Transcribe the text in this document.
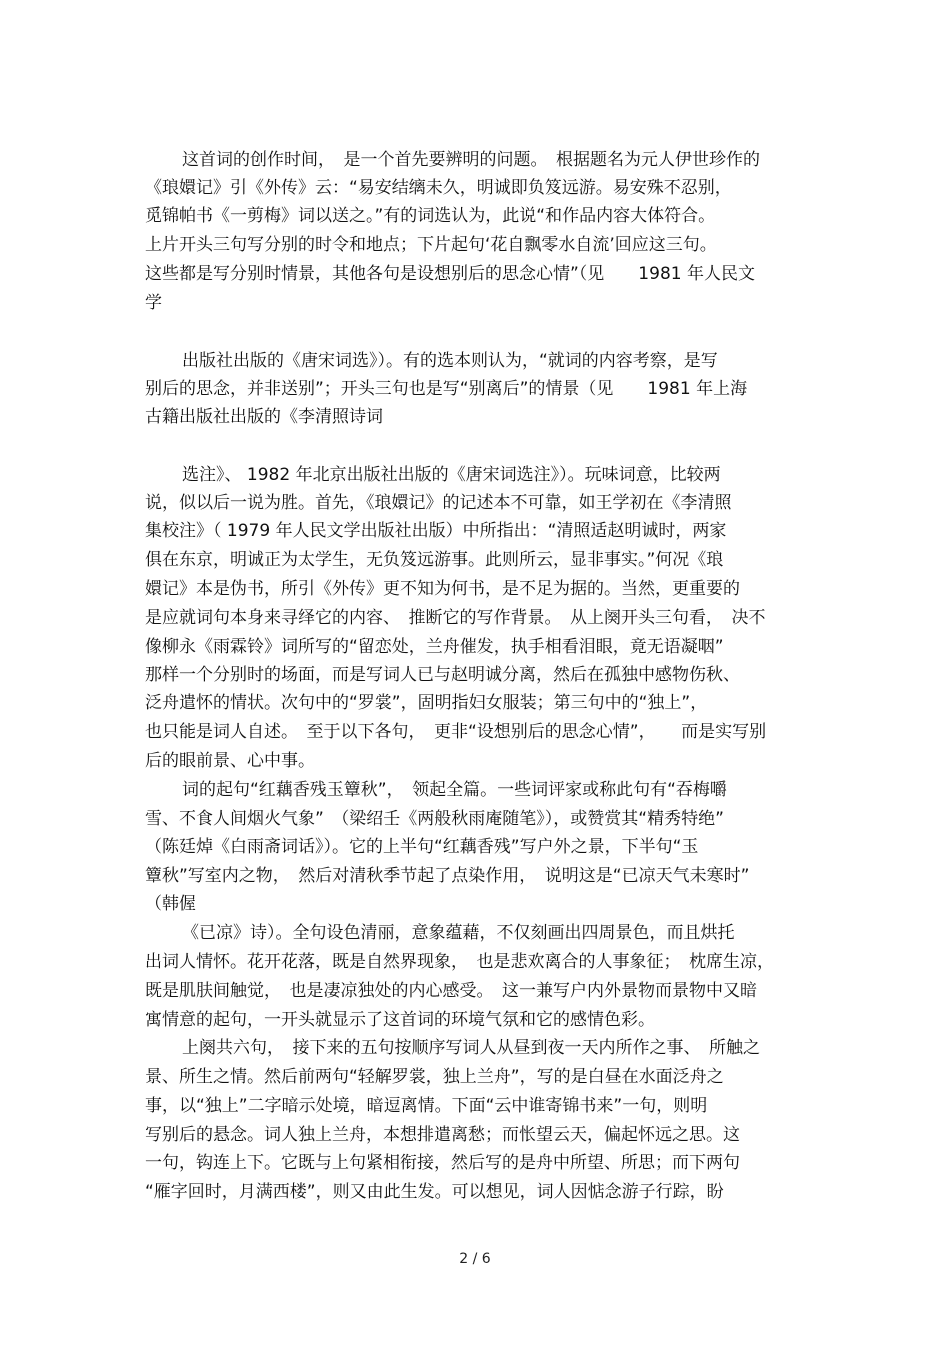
这首词的创作时间，　是一个首先要辨明的问题。　根据题名为元人伊世珍作的
《琅嬛记》引《外传》云：“易安结缡未久，明诚即负笈远游。易安殊不忍别，
觅锦帕书《一剪梅》词以送之。”有的词选认为，此说“和作品内容大体符合。
上片开头三句写分别的时令和地点；下片起句‘花自飘零水自流’回应这三句。
这些都是写分别时情景，其他各句是设想别后的思念心情”（见　　1981 年人民文
学
出版社出版的《唐宋词选》）。有的选本则认为，“就词的内容考察，是写
别后的思念，并非送别”；开头三句也是写“别离后”的情景（见　　1981 年上海
古籍出版社出版的《李清照诗词
选注》、 1982 年北京出版社出版的《唐宋词选注》）。玩味词意，比较两
说，似以后一说为胜。首先，《琅嬛记》的记述本不可靠，如王学初在《李清照
集校注》（ 1979 年人民文学出版社出版）中所指出：“清照适赵明诚时，两家
俱在东京，明诚正为太学生，无负笈远游事。此则所云，显非事实。”何况《琅
嬛记》本是伪书，所引《外传》更不知为何书，是不足为据的。当然，更重要的
是应就词句本身来寻绎它的内容、　推断它的写作背景。　从上阕开头三句看，　决不
像柳永《雨霖铃》词所写的“留恋处，兰舟催发，执手相看泪眼，竟无语凝咽”
那样一个分别时的场面，而是写词人已与赵明诚分离，然后在孤独中感物伤秋、
泛舟遣怀的情状。次句中的“罗裳”，固明指妇女服装；第三句中的“独上”，
也只能是词人自述。　至于以下各句，　更非“设想别后的思念心情”，　　而是实写别
后的眼前景、心中事。
词的起句“红藕香残玉簟秋”，　领起全篇。一些词评家或称此句有“吞梅嚼
雪、不食人间烟火气象”　（梁绍壬《两般秋雨庵随笔》），或赞赏其“精秀特绝”
（陈廷焯《白雨斋词话》）。它的上半句“红藕香残”写户外之景，下半句“玉
簟秋”写室内之物，　然后对清秋季节起了点染作用，　说明这是“已凉天气未寒时”
（韩偓
《已凉》诗）。全句设色清丽，意象蕴藉，不仅刻画出四周景色，而且烘托
出词人情怀。花开花落，既是自然界现象，　也是悲欢离合的人事象征；　枕席生凉，
既是肌肤间触觉，　也是凄凉独处的内心感受。　这一兼写户内外景物而景物中又暗
寓情意的起句，一开头就显示了这首词的环境气氛和它的感情色彩。
上阕共六句，　接下来的五句按顺序写词人从昼到夜一天内所作之事、　所触之
景、所生之情。然后前两句“轻解罗裳，独上兰舟”，写的是白昼在水面泛舟之
事，以“独上”二字暗示处境，暗逗离情。下面“云中谁寄锦书来”一句，则明
写别后的悬念。词人独上兰舟，本想排遣离愁；而怅望云天，偏起怀远之思。这
一句，钩连上下。它既与上句紧相衔接，然后写的是舟中所望、所思；而下两句
“雁字回时，月满西楼”，则又由此生发。可以想见，词人因惦念游子行踪，盼
2 / 6
